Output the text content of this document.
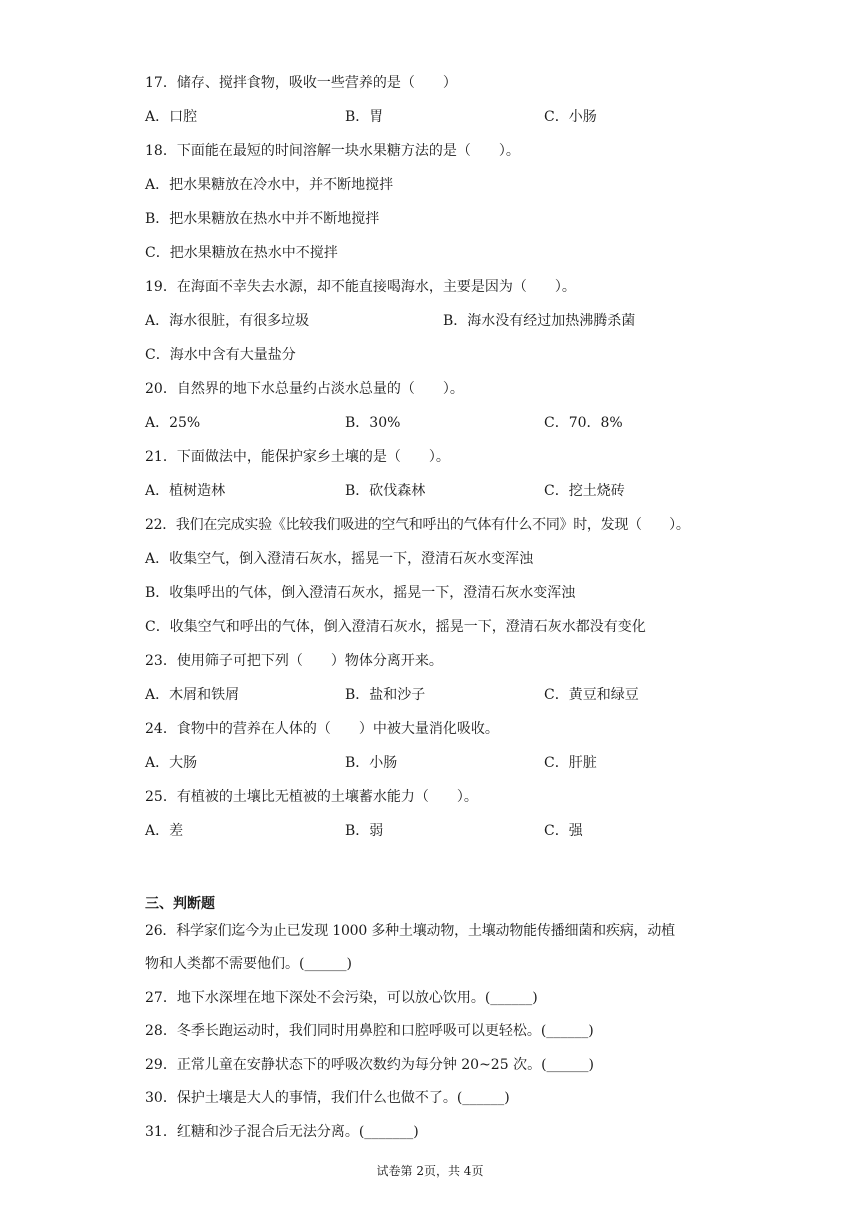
17．储存、搅拌食物，吸收一些营养的是（　　）
A．口腔	B．胃	C．小肠
18．下面能在最短的时间溶解一块水果糖方法的是（　　）。
A．把水果糖放在冷水中，并不断地搅拌
B．把水果糖放在热水中并不断地搅拌
C．把水果糖放在热水中不搅拌
19．在海面不幸失去水源，却不能直接喝海水，主要是因为（　　）。
A．海水很脏，有很多垃圾	B．海水没有经过加热沸腾杀菌
C．海水中含有大量盐分
20．自然界的地下水总量约占淡水总量的（　　）。
A．25%	B．30%	C．70．8%
21．下面做法中，能保护家乡土壤的是（　　）。
A．植树造林	B．砍伐森林	C．挖土烧砖
22．我们在完成实验《比较我们吸进的空气和呼出的气体有什么不同》时，发现（　　）。
A．收集空气，倒入澄清石灰水，摇晃一下，澄清石灰水变浑浊
B．收集呼出的气体，倒入澄清石灰水，摇晃一下，澄清石灰水变浑浊
C．收集空气和呼出的气体，倒入澄清石灰水，摇晃一下，澄清石灰水都没有变化
23．使用筛子可把下列（　　）物体分离开来。
A．木屑和铁屑	B．盐和沙子	C．黄豆和绿豆
24．食物中的营养在人体的（　　）中被大量消化吸收。
A．大肠	B．小肠	C．肝脏
25．有植被的土壤比无植被的土壤蓄水能力（　　）。
A．差	B．弱	C．强
三、判断题
26．科学家们迄今为止已发现 1000 多种土壤动物，土壤动物能传播细菌和疾病，动植
物和人类都不需要他们。(______)
27．地下水深埋在地下深处不会污染，可以放心饮用。(______)
28．冬季长跑运动时，我们同时用鼻腔和口腔呼吸可以更轻松。(______)
29．正常儿童在安静状态下的呼吸次数约为每分钟 20~25 次。(______)
30．保护土壤是大人的事情，我们什么也做不了。(______)
31．红糖和沙子混合后无法分离。(_______)
试卷第 2页，共 4页
